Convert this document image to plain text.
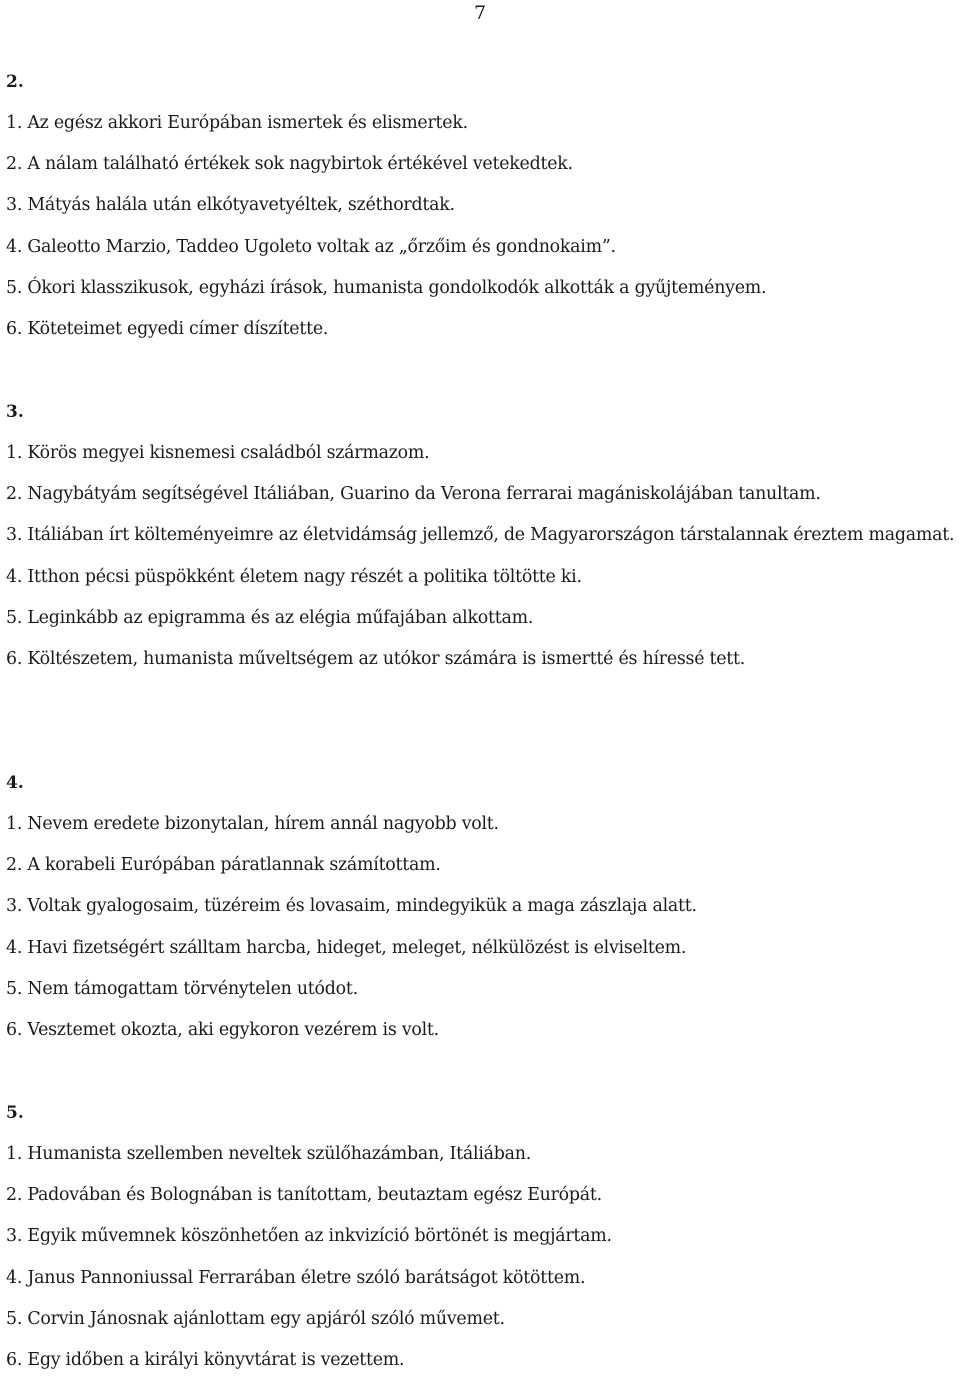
7
2.
1. Az egész akkori Európában ismertek és elismertek.
2. A nálam található értékek sok nagybirtok értékével vetekedtek.
3. Mátyás halála után elkótyavetyéltek, széthordtak.
4. Galeotto Marzio, Taddeo Ugoleto voltak az „őrzőim és gondnokaim”.
5. Ókori klasszikusok, egyházi írások, humanista gondolkodók alkották a gyűjteményem.
6. Köteteimet egyedi címer díszítette.
3.
1. Körös megyei kisnemesi családból származom.
2. Nagybátyám segítségével Itáliában, Guarino da Verona ferrarai magániskolájában tanultam.
3. Itáliában írt költeményeimre az életvidámság jellemző, de Magyarországon társtalannak éreztem magamat.
4. Itthon pécsi püspökként életem nagy részét a politika töltötte ki.
5. Leginkább az epigramma és az elégia műfajában alkottam.
6. Költészetem, humanista műveltségem az utókor számára is ismertté és híressé tett.
4.
1. Nevem eredete bizonytalan, hírem annál nagyobb volt.
2. A korabeli Európában páratlannak számítottam.
3. Voltak gyalogosaim, tüzéreim és lovasaim, mindegyikük a maga zászlaja alatt.
4. Havi fizetségért szálltam harcba, hideget, meleget, nélkülözést is elviseltem.
5. Nem támogattam törvénytelen utódot.
6. Vesztemet okozta, aki egykoron vezérem is volt.
5.
1. Humanista szellemben neveltek szülőhazámban, Itáliában.
2. Padovában és Bolognában is tanítottam, beutaztam egész Európát.
3. Egyik művemnek köszönhetően az inkvizíció börtönét is megjártam.
4. Janus Pannoniussal Ferrarában életre szóló barátságot kötöttem.
5. Corvin Jánosnak ajánlottam egy apjáról szóló művemet.
6. Egy időben a királyi könyvtárat is vezettem.
